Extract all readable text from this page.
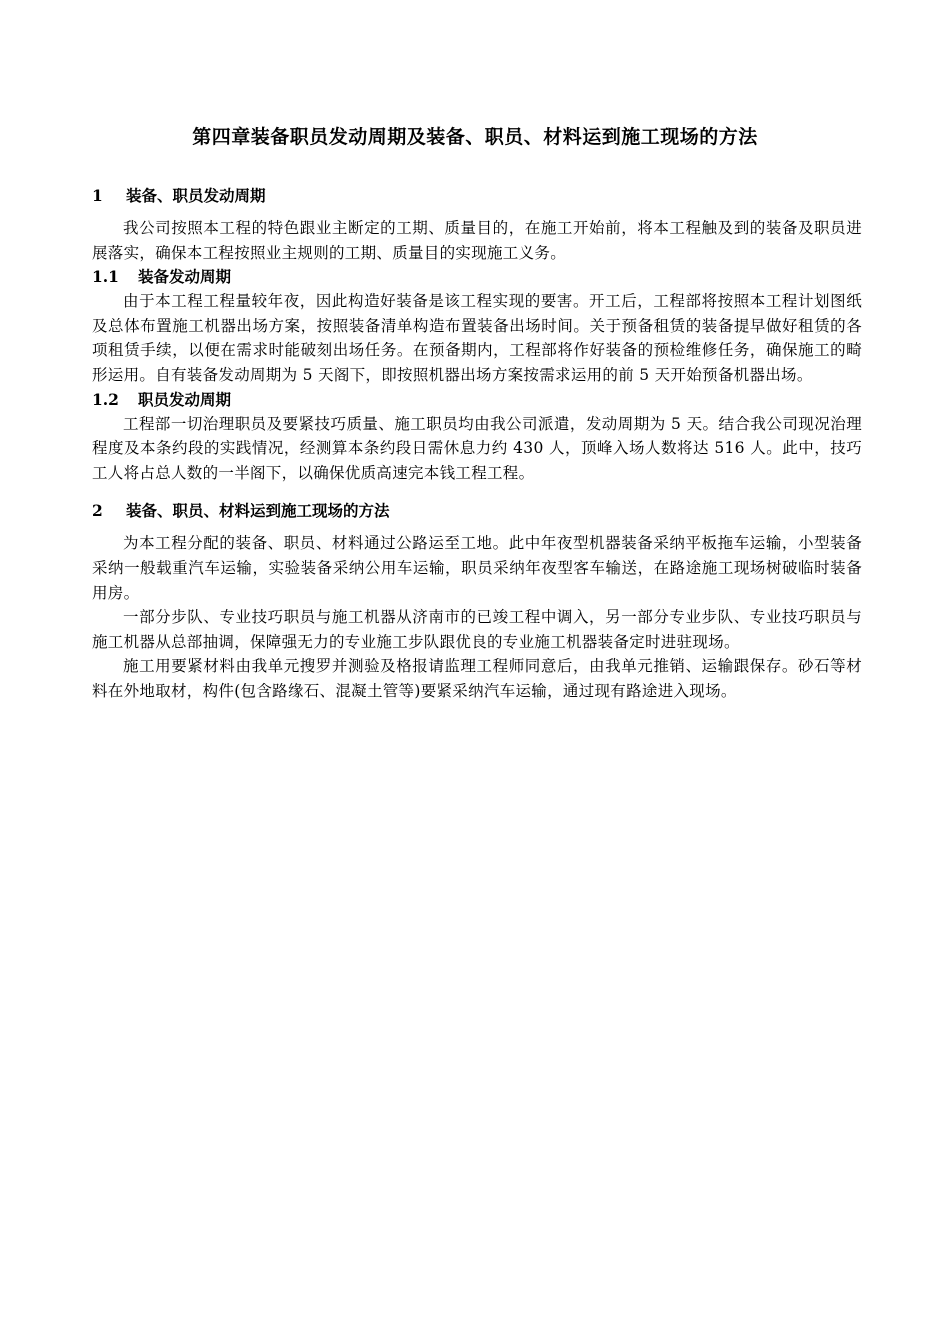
第四章装备职员发动周期及装备、职员、材料运到施工现场的方法
1 装备、职员发动周期

我公司按照本工程的特色跟业主断定的工期、质量目的，在施工开始前，将本工程触及到的装备及职员进展落实，确保本工程按照业主规则的工期、质量目的实现施工义务。

1.1 装备发动周期

由于本工程工程量较年夜，因此构造好装备是该工程实现的要害。开工后，工程部将按照本工程计划图纸及总体布置施工机器出场方案，按照装备清单构造布置装备出场时间。关于预备租赁的装备提早做好租赁的各项租赁手续，以便在需求时能破刻出场任务。在预备期内，工程部将作好装备的预检维修任务，确保施工的畸形运用。自有装备发动周期为 5 天阁下，即按照机器出场方案按需求运用的前 5 天开始预备机器出场。

1.2 职员发动周期

工程部一切治理职员及要紧技巧质量、施工职员均由我公司派遣，发动周期为 5 天。结合我公司现况治理程度及本条约段的实践情况，经测算本条约段日需休息力约 430 人，顶峰入场人数将达 516 人。此中，技巧工人将占总人数的一半阁下，以确保优质高速完本钱工程工程。

2 装备、职员、材料运到施工现场的方法

为本工程分配的装备、职员、材料通过公路运至工地。此中年夜型机器装备采纳平板拖车运输，小型装备采纳一般载重汽车运输，实验装备采纳公用车运输，职员采纳年夜型客车输送，在路途施工现场树破临时装备用房。

一部分步队、专业技巧职员与施工机器从济南市的已竣工程中调入，另一部分专业步队、专业技巧职员与施工机器从总部抽调，保障强无力的专业施工步队跟优良的专业施工机器装备定时进驻现场。

施工用要紧材料由我单元搜罗并测验及格报请监理工程师同意后，由我单元推销、运输跟保存。砂石等材料在外地取材，构件(包含路缘石、混凝土管等)要紧采纳汽车运输，通过现有路途进入现场。
